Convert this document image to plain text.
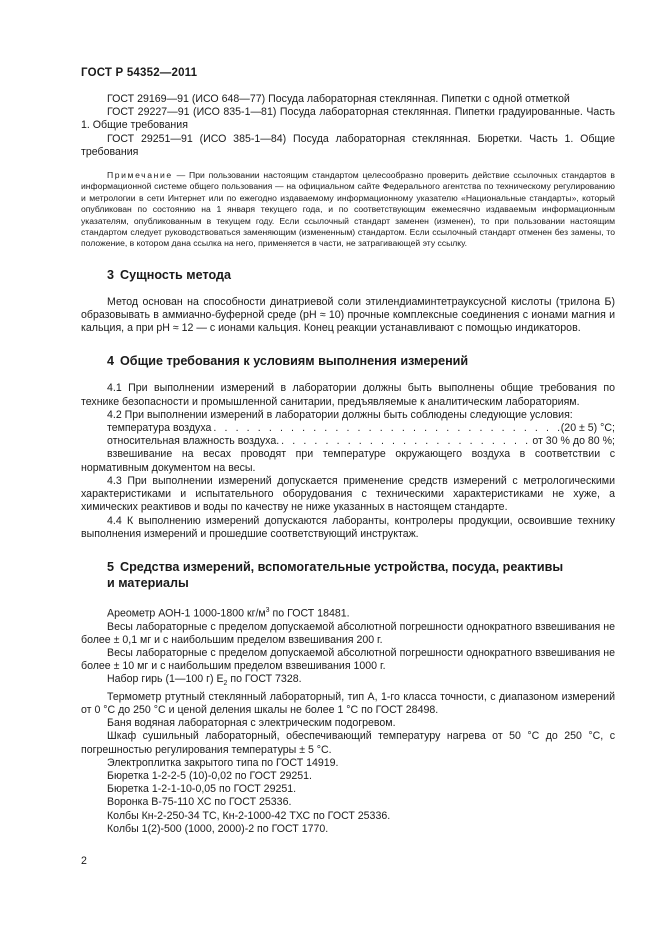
ГОСТ Р 54352—2011

ГОСТ 29169—91 (ИСО 648—77) Посуда лабораторная стеклянная. Пипетки с одной отметкой

ГОСТ 29227—91 (ИСО 835-1—81) Посуда лабораторная стеклянная. Пипетки градуированные. Часть 1. Общие требования

ГОСТ 29251—91 (ИСО 385-1—84) Посуда лабораторная стеклянная. Бюретки. Часть 1. Общие требования

Примечание — При пользовании настоящим стандартом целесообразно проверить действие ссылочных стандартов в информационной системе общего пользования — на официальном сайте Федерального агентства по техническому регулированию и метрологии в сети Интернет или по ежегодно издаваемому информационному указателю «Национальные стандарты», который опубликован по состоянию на 1 января текущего года, и по соответствующим ежемесячно издаваемым информационным указателям, опубликованным в текущем году. Если ссылочный стандарт заменен (изменен), то при пользовании настоящим стандартом следует руководствоваться заменяющим (измененным) стандартом. Если ссылочный стандарт отменен без замены, то положение, в котором дана ссылка на него, применяется в части, не затрагивающей эту ссылку.

3 Сущность метода

Метод основан на способности динатриевой соли этилендиаминтетрауксусной кислоты (трилона Б) образовывать в аммиачно-буферной среде (рН ≈ 10) прочные комплексные соединения с ионами магния и кальция, а при рН ≈ 12 — с ионами кальция. Конец реакции устанавливают с помощью индикаторов.

4 Общие требования к условиям выполнения измерений

4.1 При выполнении измерений в лаборатории должны быть выполнены общие требования по технике безопасности и промышленной санитарии, предъявляемые к аналитическим лабораториям.

4.2 При выполнении измерений в лаборатории должны быть соблюдены следующие условия:

температура воздуха . . .	(20 ± 5) °С;
относительная влажность воздуха. . . .	от 30 % до 80 %;

взвешивание на весах проводят при температуре окружающего воздуха в соответствии с нормативным документом на весы.

4.3 При выполнении измерений допускается применение средств измерений с метрологическими характеристиками и испытательного оборудования с техническими характеристиками не хуже, а химических реактивов и воды по качеству не ниже указанных в настоящем стандарте.

4.4 К выполнению измерений допускаются лаборанты, контролеры продукции, освоившие технику выполнения измерений и прошедшие соответствующий инструктаж.

5 Средства измерений, вспомогательные устройства, посуда, реактивы
и материалы

Ареометр АОН-1 1000-1800 $кг/м^3$ по ГОСТ 18481.

Весы лабораторные с пределом допускаемой абсолютной погрешности однократного взвешивания не более ± 0,1 мг и с наибольшим пределом взвешивания 200 г.

Весы лабораторные с пределом допускаемой абсолютной погрешности однократного взвешивания не более ± 10 мг и с наибольшим пределом взвешивания 1000 г.

Набор гирь (1—100 г) $Е_2$ по ГОСТ 7328.

Термометр ртутный стеклянный лабораторный, тип А, 1-го класса точности, с диапазоном измерений от 0 °С до 250 °С и ценой деления шкалы не более 1 °С по ГОСТ 28498.

Баня водяная лабораторная с электрическим подогревом.

Шкаф сушильный лабораторный, обеспечивающий температуру нагрева от 50 °С до 250 °С, с погрешностью регулирования температуры ± 5 °С.

Электроплитка закрытого типа по ГОСТ 14919.

Бюретка 1-2-2-5 (10)-0,02 по ГОСТ 29251.

Бюретка 1-2-1-10-0,05 по ГОСТ 29251.

Воронка В-75-110 ХС по ГОСТ 25336.

Колбы Кн-2-250-34 ТС, Кн-2-1000-42 ТХС по ГОСТ 25336.

Колбы 1(2)-500 (1000, 2000)-2 по ГОСТ 1770.

2
